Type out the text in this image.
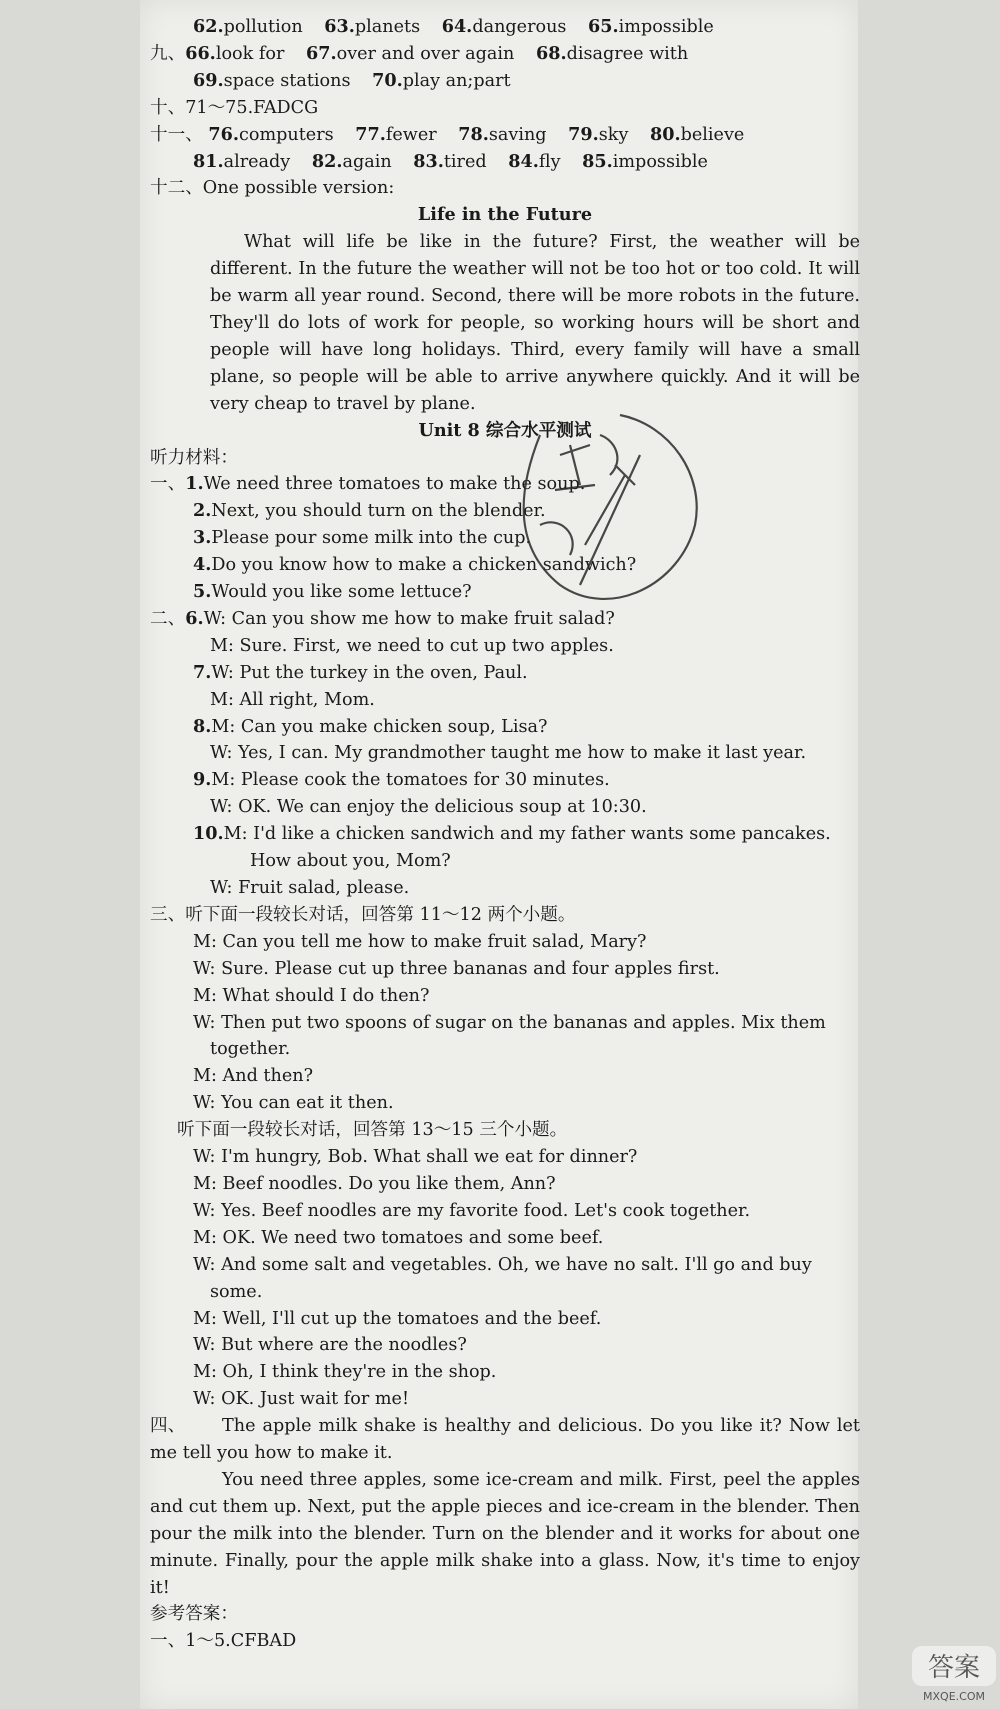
62.pollution 63.planets 64.dangerous 65.impossible
九、66.look for 67.over and over again 68.disagree with
69.space stations 70.play an;part
十、71～75.FADCG
十一、 76.computers 77.fewer 78.saving 79.sky 80.believe
81.already 82.again 83.tired 84.fly 85.impossible
十二、One possible version:
Life in the Future
What will life be like in the future? First, the weather will be different. In the future the weather will not be too hot or too cold. It will be warm all year round. Second, there will be more robots in the future. They'll do lots of work for people, so working hours will be short and people will have long holidays. Third, every family will have a small plane, so people will be able to arrive anywhere quickly. And it will be very cheap to travel by plane.
Unit 8 综合水平测试
听力材料：
一、1.We need three tomatoes to make the soup.
2.Next, you should turn on the blender.
3.Please pour some milk into the cup.
4.Do you know how to make a chicken sandwich?
5.Would you like some lettuce?
二、6.W: Can you show me how to make fruit salad?
M: Sure. First, we need to cut up two apples.
7.W: Put the turkey in the oven, Paul.
M: All right, Mom.
8.M: Can you make chicken soup, Lisa?
W: Yes, I can. My grandmother taught me how to make it last year.
9.M: Please cook the tomatoes for 30 minutes.
W: OK. We can enjoy the delicious soup at 10:30.
10.M: I'd like a chicken sandwich and my father wants some pancakes.
How about you, Mom?
W: Fruit salad, please.
三、听下面一段较长对话，回答第 11～12 两个小题。
M: Can you tell me how to make fruit salad, Mary?
W: Sure. Please cut up three bananas and four apples first.
M: What should I do then?
W: Then put two spoons of sugar on the bananas and apples. Mix them
together.
M: And then?
W: You can eat it then.
听下面一段较长对话，回答第 13～15 三个小题。
W: I'm hungry, Bob. What shall we eat for dinner?
M: Beef noodles. Do you like them, Ann?
W: Yes. Beef noodles are my favorite food. Let's cook together.
M: OK. We need two tomatoes and some beef.
W: And some salt and vegetables. Oh, we have no salt. I'll go and buy
some.
M: Well, I'll cut up the tomatoes and the beef.
W: But where are the noodles?
M: Oh, I think they're in the shop.
W: OK. Just wait for me!
四、	The apple milk shake is healthy and delicious. Do you like it? Now let me tell you how to make it.
You need three apples, some ice-cream and milk. First, peel the apples and cut them up. Next, put the apple pieces and ice-cream in the blender. Then pour the milk into the blender. Turn on the blender and it works for about one minute. Finally, pour the apple milk shake into a glass. Now, it's time to enjoy it!
参考答案：
一、1～5.CFBAD
答案
MXQE.COM
